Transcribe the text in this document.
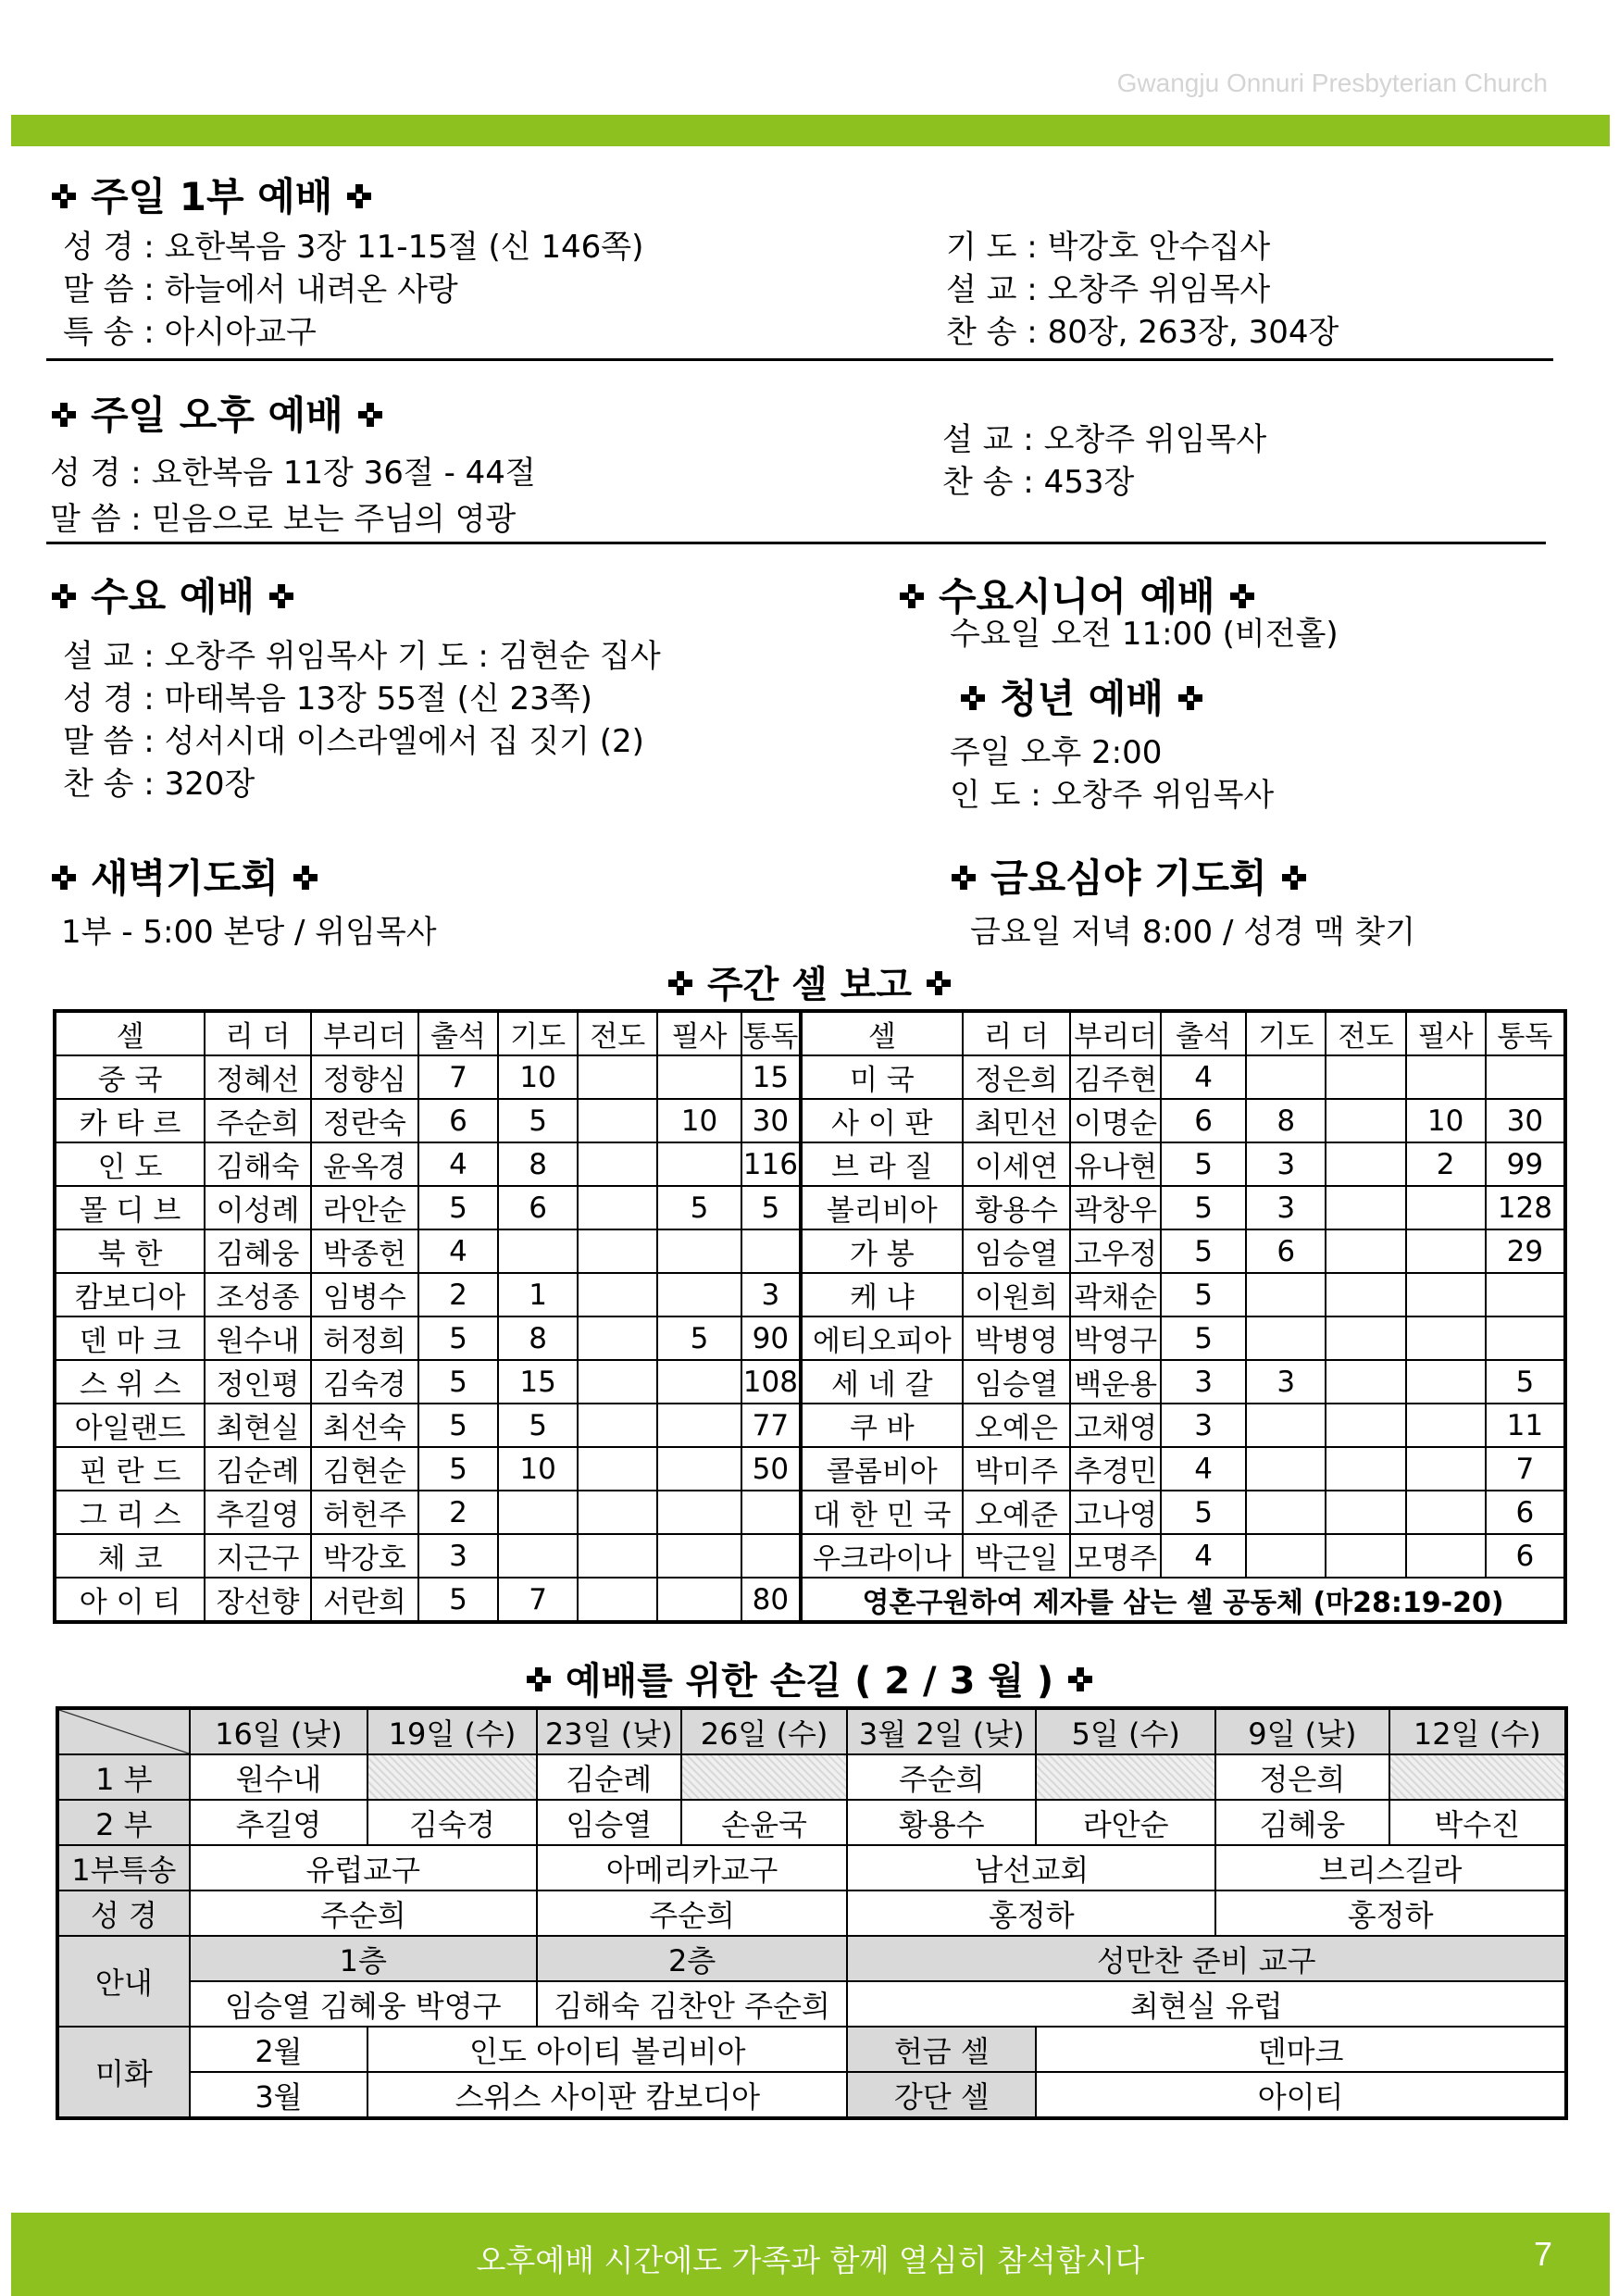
Gwangju Onnuri Presbyterian Church
주일 1부 예배
성 경 : 요한복음 3장 11-15절 (신 146쪽)
말 씀 : 하늘에서 내려온 사랑
특 송 : 아시아교구
기 도 : 박강호 안수집사
설 교 : 오창주 위임목사
찬 송 : 80장, 263장, 304장
주일 오후 예배
성 경 : 요한복음 11장 36절 - 44절
말 씀 : 믿음으로 보는 주님의 영광
설 교 : 오창주 위임목사
찬 송 : 453장
수요 예배
설 교 : 오창주 위임목사 기 도 : 김현순 집사
성 경 : 마태복음 13장 55절 (신 23쪽)
말 씀 : 성서시대 이스라엘에서 집 짓기 (2)
찬 송 : 320장
수요시니어 예배
수요일 오전 11:00 (비전홀)
청년 예배
주일 오후 2:00
인 도 : 오창주 위임목사
새벽기도회
1부 - 5:00 본당 / 위임목사
금요심야 기도회
금요일 저녁 8:00 / 성경 맥 찾기
주간 셀 보고
셀	리 더	부리더	출석	기도	전도	필사	통독	셀	리 더	부리더	출석	기도	전도	필사	통독
중 국	정혜선	정향심	7	10			15	미 국	정은희	김주현	4				
카 타 르	주순희	정란숙	6	5		10	30	사 이 판	최민선	이명순	6	8		10	30
인 도	김해숙	윤옥경	4	8			116	브 라 질	이세연	유나현	5	3		2	99
몰 디 브	이성례	라안순	5	6		5	5	볼리비아	황용수	곽창우	5	3			128
북 한	김혜웅	박종헌	4					가 봉	임승열	고우정	5	6			29
캄보디아	조성종	임병수	2	1			3	케 냐	이원희	곽채순	5				
덴 마 크	원수내	허정희	5	8		5	90	에티오피아	박병영	박영구	5				
스 위 스	정인평	김숙경	5	15			108	세 네 갈	임승열	백운용	3	3			5
아일랜드	최현실	최선숙	5	5			77	쿠 바	오예은	고채영	3				11
핀 란 드	김순례	김현순	5	10			50	콜롬비아	박미주	추경민	4				7
그 리 스	추길영	허헌주	2					대 한 민 국	오예준	고나영	5				6
체 코	지근구	박강호	3					우크라이나	박근일	모명주	4				6
아 이 티	장선향	서란희	5	7			80	영혼구원하여 제자를 삼는 셀 공동체 (마28:19-20)							
예배를 위한 손길 ( 2 / 3 월 )
	16일 (낮)	19일 (수)	23일 (낮)	26일 (수)	3월 2일 (낮)	5일 (수)	9일 (낮)	12일 (수)
1 부	원수내		김순례		주순희		정은희	
2 부	추길영	김숙경	임승열	손윤국	황용수	라안순	김혜웅	박수진
1부특송	유럽교구		아메리카교구		남선교회		브리스길라	
성 경	주순희		주순희		홍정하		홍정하	
안내	1층		2층		성만찬 준비 교구			
	임승열 김혜웅 박영구		김해숙 김찬안 주순희		최현실 유럽			
미화	2월	인도 아이티 볼리비아			헌금 셀	덴마크		
	3월	스위스 사이판 캄보디아			강단 셀	아이티		
오후예배 시간에도 가족과 함께 열심히 참석합시다	7
